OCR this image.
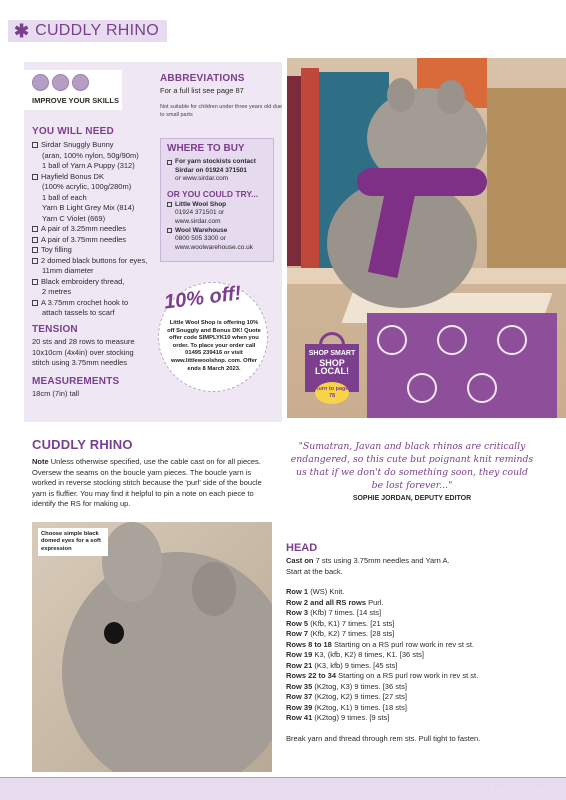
✱ CUDDLY RHINO
IMPROVE YOUR SKILLS
YOU WILL NEED
Sirdar Snuggly Bunny
(aran, 100% nylon, 50g/90m)
1 ball of Yarn A Puppy (312)
Hayfield Bonus DK
(100% acrylic, 100g/280m)
1 ball of each
Yarn B Light Grey Mix (814)
Yarn C Violet (669)
A pair of 3.25mm needles
A pair of 3.75mm needles
Toy filling
2 domed black buttons for eyes,
11mm diameter
Black embroidery thread,
2 metres
A 3.75mm crochet hook to
attach tassels to scarf
ABBREVIATIONS
For a full list see page 87
Not suitable for children under three years old due to small parts
WHERE TO BUY
For yarn stockists contact
Sirdar on 01924 371501
or www.sirdar.com
OR YOU COULD TRY...
Little Wool Shop
01924 371501 or
www.sirdar.com
Wool Warehouse
0800 505 3300 or
www.woolwarehouse.co.uk
10% off!
Little Wool Shop is offering 10% off Snuggly and Bonus DK! Quote offer code SIMPLYK10 when you order. To place your order call 01495 239416 or visit www.littlewoolshop. com. Offer ends 8 March 2023.
TENSION
20 sts and 28 rows to measure 10x10cm (4x4in) over stocking stitch using 3.75mm needles
MEASUREMENTS
18cm (7in) tall
SHOP SMART
SHOP
LOCAL!
Turn to page 78
CUDDLY RHINO

Note Unless otherwise specified, use the cable cast on for all pieces. Oversew the seams on the boucle yarn pieces. The boucle yarn is worked in reverse stocking stitch because the 'purl' side of the boucle yarn is fluffier. You may find it helpful to pin a note on each piece to identify the RS for making up.

"Sumatran, Javan and black rhinos are critically endangered, so this cute but poignant knit reminds us that if we don't do something soon, they could be lost forever..."
SOPHIE JORDAN, DEPUTY EDITOR
Choose simple black domed eyes for a soft expression	HEAD
Cast on 7 sts using 3.75mm needles and Yarn A.
Start at the back.
Row 1 (WS) Knit.
Row 2 and all RS rows Purl.
Row 3 (Kfb) 7 times. [14 sts]
Row 5 (Kfb, K1) 7 times. [21 sts]
Row 7 (Kfb, K2) 7 times. [28 sts]
Rows 8 to 18 Starting on a RS purl row work in rev st st.
Row 19 K3, (kfb, K2) 8 times, K1. [36 sts]
Row 21 (K3, kfb) 9 times. [45 sts]
Rows 22 to 34 Starting on a RS purl row work in rev st st.
Row 35 (K2tog, K3) 9 times. [36 sts]
Row 37 (K2tog, K2) 9 times. [27 sts]
Row 39 (K2tog, K1) 9 times. [18 sts]
Row 41 (K2tog) 9 times. [9 sts]
Break yarn and thread through rem sts. Pull tight to fasten.
PassionForum.ru
